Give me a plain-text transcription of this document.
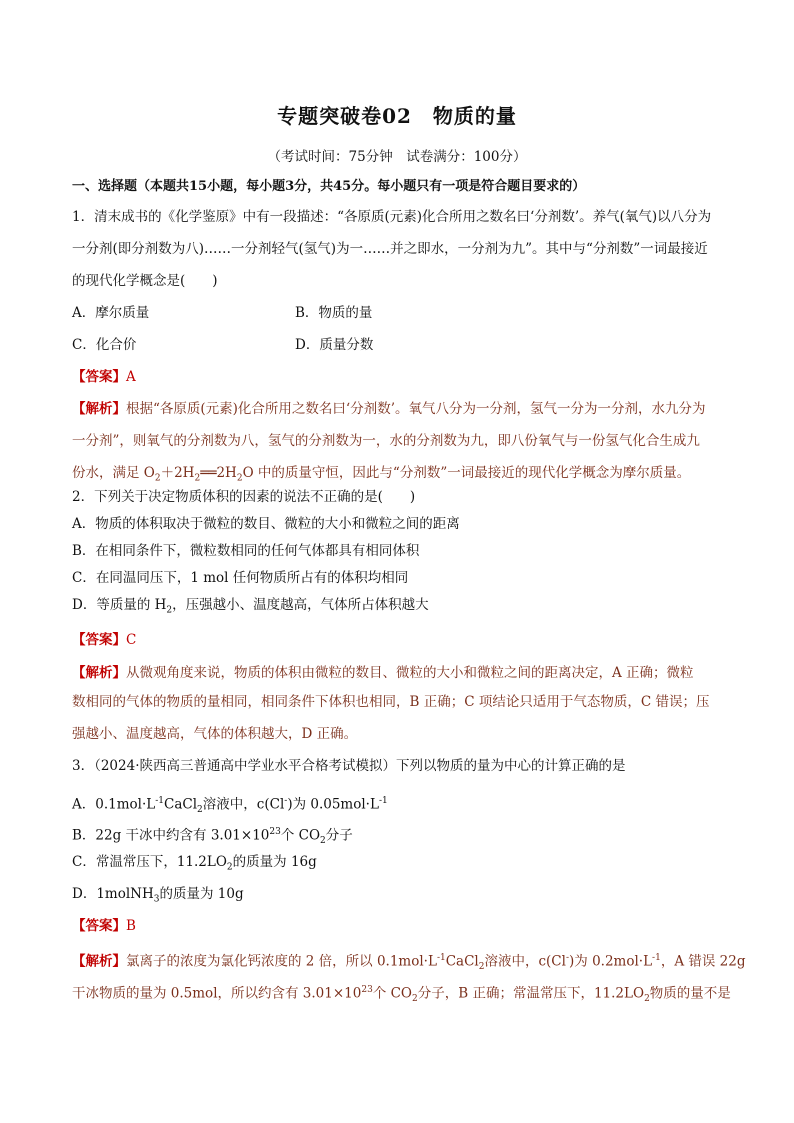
专题突破卷02　物质的量
（考试时间：75分钟　试卷满分：100分）
一、选择题（本题共15小题，每小题3分，共45分。每小题只有一项是符合题目要求的）
1．清末成书的《化学鉴原》中有一段描述：“各原质(元素)化合所用之数名曰‘分剂数’。养气(氧气)以八分为
一分剂(即分剂数为八)……一分剂轻气(氢气)为一……并之即水，一分剂为九”。其中与“分剂数”一词最接近
的现代化学概念是(　　)
A．摩尔质量	B．物质的量
C．化合价	D．质量分数
【答案】A
【解析】根据“各原质(元素)化合所用之数名曰‘分剂数’。氧气八分为一分剂，氢气一分为一分剂，水九分为
一分剂”，则氧气的分剂数为八，氢气的分剂数为一，水的分剂数为九，即八份氧气与一份氢气化合生成九
份水，满足 $O_2+2H_2══2H_2O$ 中的质量守恒，因此与“分剂数”一词最接近的现代化学概念为摩尔质量。
2．下列关于决定物质体积的因素的说法不正确的是(　　)
A．物质的体积取决于微粒的数目、微粒的大小和微粒之间的距离
B．在相同条件下，微粒数相同的任何气体都具有相同体积
C．在同温同压下，1 mol 任何物质所占有的体积均相同
D．等质量的 $H_2$，压强越小、温度越高，气体所占体积越大
【答案】C
【解析】从微观角度来说，物质的体积由微粒的数目、微粒的大小和微粒之间的距离决定，A 正确；微粒
数相同的气体的物质的量相同，相同条件下体积也相同，B 正确；C 项结论只适用于气态物质，C 错误；压
强越小、温度越高，气体的体积越大，D 正确。
3．（2024·陕西高三普通高中学业水平合格考试模拟）下列以物质的量为中心的计算正确的是
A．$0.1mol\cdot L^{-1}CaCl_2$溶液中，c(Cl-)为 $0.05mol\cdot L^{-1}$
B．22g 干冰中约含有 $3.01\times 10^{23}$个 $CO_2$分子
C．常温常压下，$11.2LO_2$的质量为 16g
D．1molNH$_3$的质量为 10g
【答案】B
【解析】氯离子的浓度为氯化钙浓度的 2 倍，所以 $0.1mol\cdot L^{-1}CaCl_2$溶液中，c(Cl-)为 $0.2mol\cdot L^{-1}$，A 错误 22g
干冰物质的量为 0.5mol，所以约含有 $3.01\times 10^{23}$个 $CO_2$分子，B 正确；常温常压下，$11.2LO_2$物质的量不是
